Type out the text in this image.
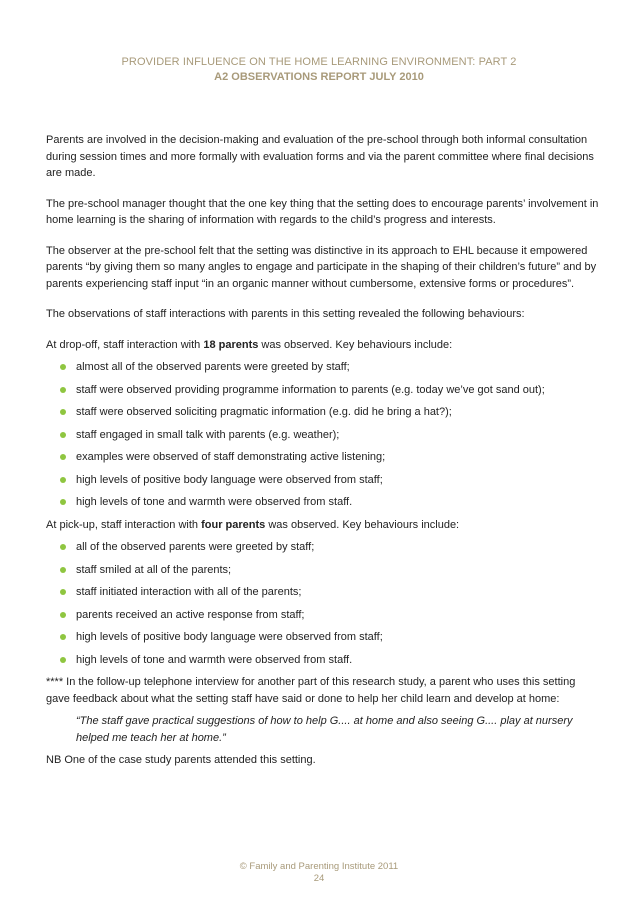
PROVIDER INFLUENCE ON THE HOME LEARNING ENVIRONMENT: PART 2
A2 OBSERVATIONS REPORT JULY 2010

Parents are involved in the decision-making and evaluation of the pre-school through both informal consultation during session times and more formally with evaluation forms and via the parent committee where final decisions are made.

The pre-school manager thought that the one key thing that the setting does to encourage parents’ involvement in home learning is the sharing of information with regards to the child’s progress and interests.

The observer at the pre-school felt that the setting was distinctive in its approach to EHL because it empowered parents “by giving them so many angles to engage and participate in the shaping of their children’s future” and by parents experiencing staff input “in an organic manner without cumbersome, extensive forms or procedures”.

The observations of staff interactions with parents in this setting revealed the following behaviours:

At drop-off, staff interaction with 18 parents was observed. Key behaviours include:

almost all of the observed parents were greeted by staff;
staff were observed providing programme information to parents (e.g. today we’ve got sand out);
staff were observed soliciting pragmatic information (e.g. did he bring a hat?);
staff engaged in small talk with parents (e.g. weather);
examples were observed of staff demonstrating active listening;
high levels of positive body language were observed from staff;
high levels of tone and warmth were observed from staff.

At pick-up, staff interaction with four parents was observed. Key behaviours include:

all of the observed parents were greeted by staff;
staff smiled at all of the parents;
staff initiated interaction with all of the parents;
parents received an active response from staff;
high levels of positive body language were observed from staff;
high levels of tone and warmth were observed from staff.

**** In the follow-up telephone interview for another part of this research study, a parent who uses this setting gave feedback about what the setting staff have said or done to help her child learn and develop at home:

“The staff gave practical suggestions of how to help G.... at home and also seeing G.... play at nursery helped me teach her at home.”

NB One of the case study parents attended this setting.

© Family and Parenting Institute 2011
24
